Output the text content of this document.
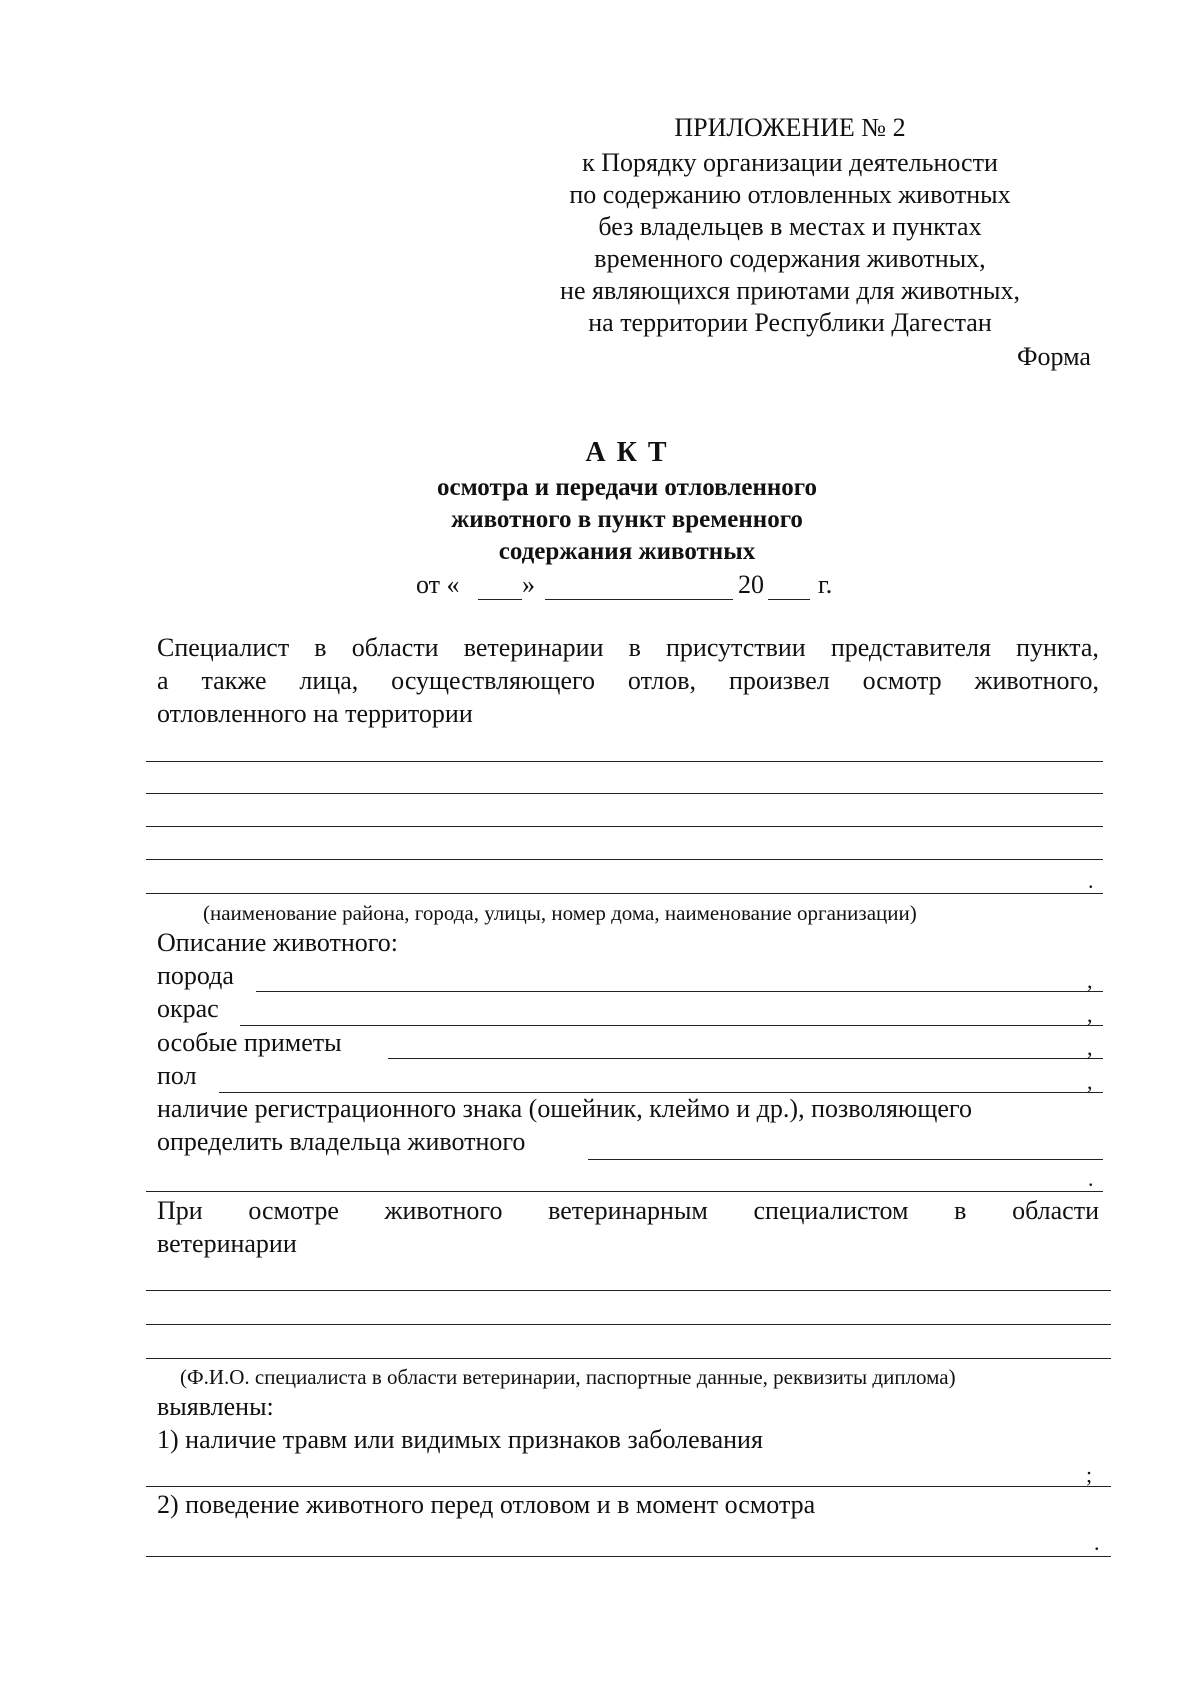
ПРИЛОЖЕНИЕ № 2
к Порядку организации деятельности
по содержанию отловленных животных
без владельцев в местах и пунктах
временного содержания животных,
не являющихся приютами для животных,
на территории Республики Дагестан
Форма
А К Т
осмотра и передачи отловленного
животного в пункт временного
содержания животных
от « »	20 г.
Специалист в области ветеринарии в присутствии представителя пункта,
а также лица, осуществляющего отлов, произвел осмотр животного,
отловленного на территории
.
(наименование района, города, улицы, номер дома, наименование организации)
Описание животного:
порода	,
окрас	,
особые приметы	,
пол	,
наличие регистрационного знака (ошейник, клеймо и др.), позволяющего
определить владельца животного
.
При осмотре животного ветеринарным специалистом в области
ветеринарии
(Ф.И.О. специалиста в области ветеринарии, паспортные данные, реквизиты диплома)
выявлены:
1) наличие травм или видимых признаков заболевания
;
2) поведение животного перед отловом и в момент осмотра
.
